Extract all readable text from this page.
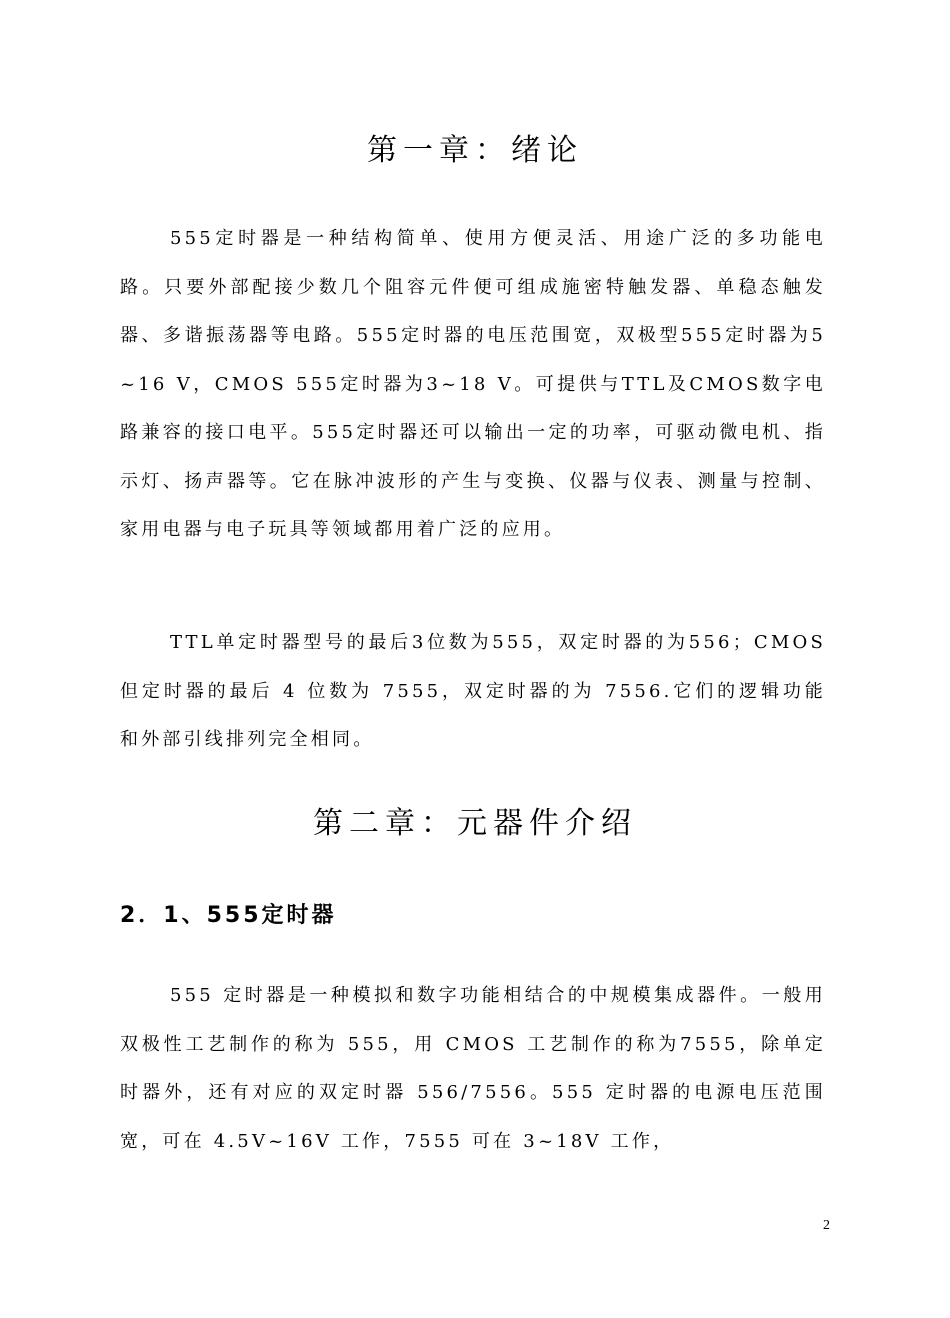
第一章：绪论

555定时器是一种结构简单、使用方便灵活、用途广泛的多功能电路。只要外部配接少数几个阻容元件便可组成施密特触发器、单稳态触发器、多谐振荡器等电路。555定时器的电压范围宽，双极型555定时器为5~16 V，CMOS 555定时器为3~18 V。可提供与TTL及CMOS数字电路兼容的接口电平。555定时器还可以输出一定的功率，可驱动微电机、指示灯、扬声器等。它在脉冲波形的产生与变换、仪器与仪表、测量与控制、家用电器与电子玩具等领域都用着广泛的应用。

TTL单定时器型号的最后3位数为555，双定时器的为556；CMOS但定时器的最后 4 位数为 7555，双定时器的为 7556.它们的逻辑功能和外部引线排列完全相同。

第二章：元器件介绍
2．1、555定时器

555 定时器是一种模拟和数字功能相结合的中规模集成器件。一般用双极性工艺制作的称为 555，用 CMOS 工艺制作的称为7555，除单定时器外，还有对应的双定时器 556/7556。555 定时器的电源电压范围宽，可在 4.5V~16V 工作，7555 可在 3~18V 工作，

2
